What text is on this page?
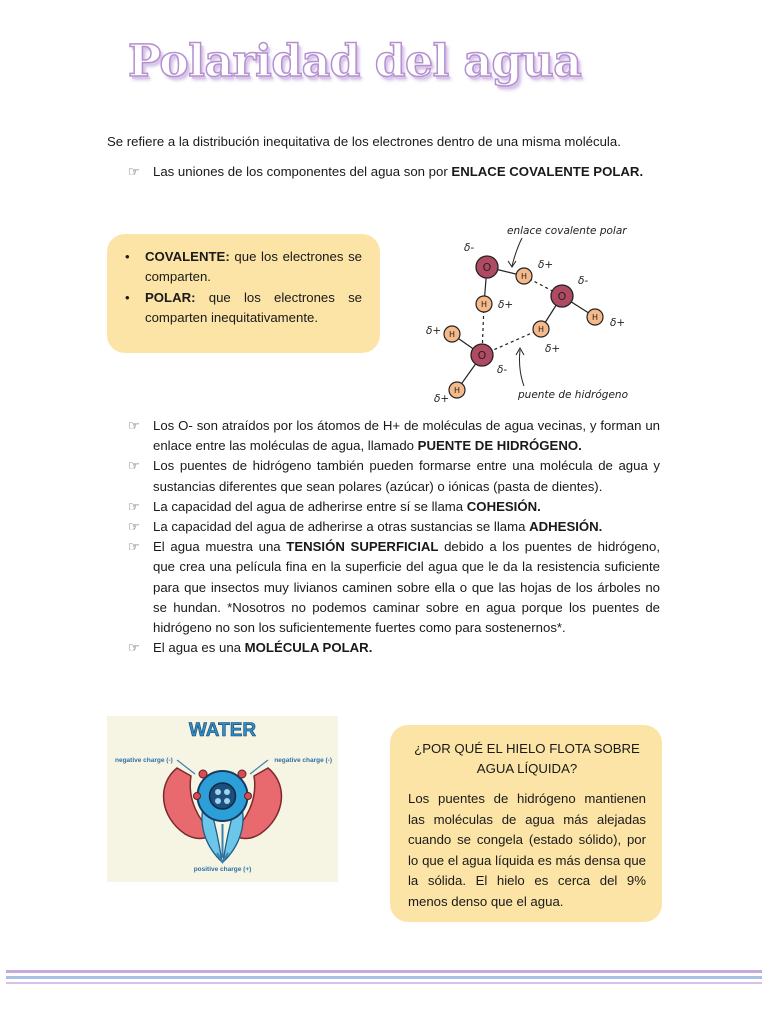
Polaridad del agua

Se refiere a la distribución inequitativa de los electrones dentro de una misma molécula.

☞ Las uniones de los componentes del agua son por ENLACE COVALENTE POLAR.
• COVALENTE: que los electrones se comparten.
• POLAR: que los electrones se comparten inequitativamente.
O
O
O
H
H
H
H
H
H
δ-
δ+
δ-
δ+
δ+
δ+
δ+
δ-
δ+
enlace covalente polar
puente de hidrógeno
☞ Los O- son atraídos por los átomos de H+ de moléculas de agua vecinas, y forman un enlace entre las moléculas de agua, llamado PUENTE DE HIDRÓGENO.
☞ Los puentes de hidrógeno también pueden formarse entre una molécula de agua y sustancias diferentes que sean polares (azúcar) o iónicas (pasta de dientes).
☞ La capacidad del agua de adherirse entre sí se llama COHESIÓN.
☞ La capacidad del agua de adherirse a otras sustancias se llama ADHESIÓN.
☞ El agua muestra una TENSIÓN SUPERFICIAL debido a los puentes de hidrógeno, que crea una película fina en la superficie del agua que le da la resistencia suficiente para que insectos muy livianos caminen sobre ella o que las hojas de los árboles no se hundan. *Nosotros no podemos caminar sobre en agua porque los puentes de hidrógeno no son los suficientemente fuertes como para sostenernos*.
☞ El agua es una MOLÉCULA POLAR.
WATER
negative charge (-)	negative charge (-)
positive charge (+)
¿POR QUÉ EL HIELO FLOTA SOBRE AGUA LÍQUIDA?
Los puentes de hidrógeno mantienen las moléculas de agua más alejadas cuando se congela (estado sólido), por lo que el agua líquida es más densa que la sólida. El hielo es cerca del 9% menos denso que el agua.
